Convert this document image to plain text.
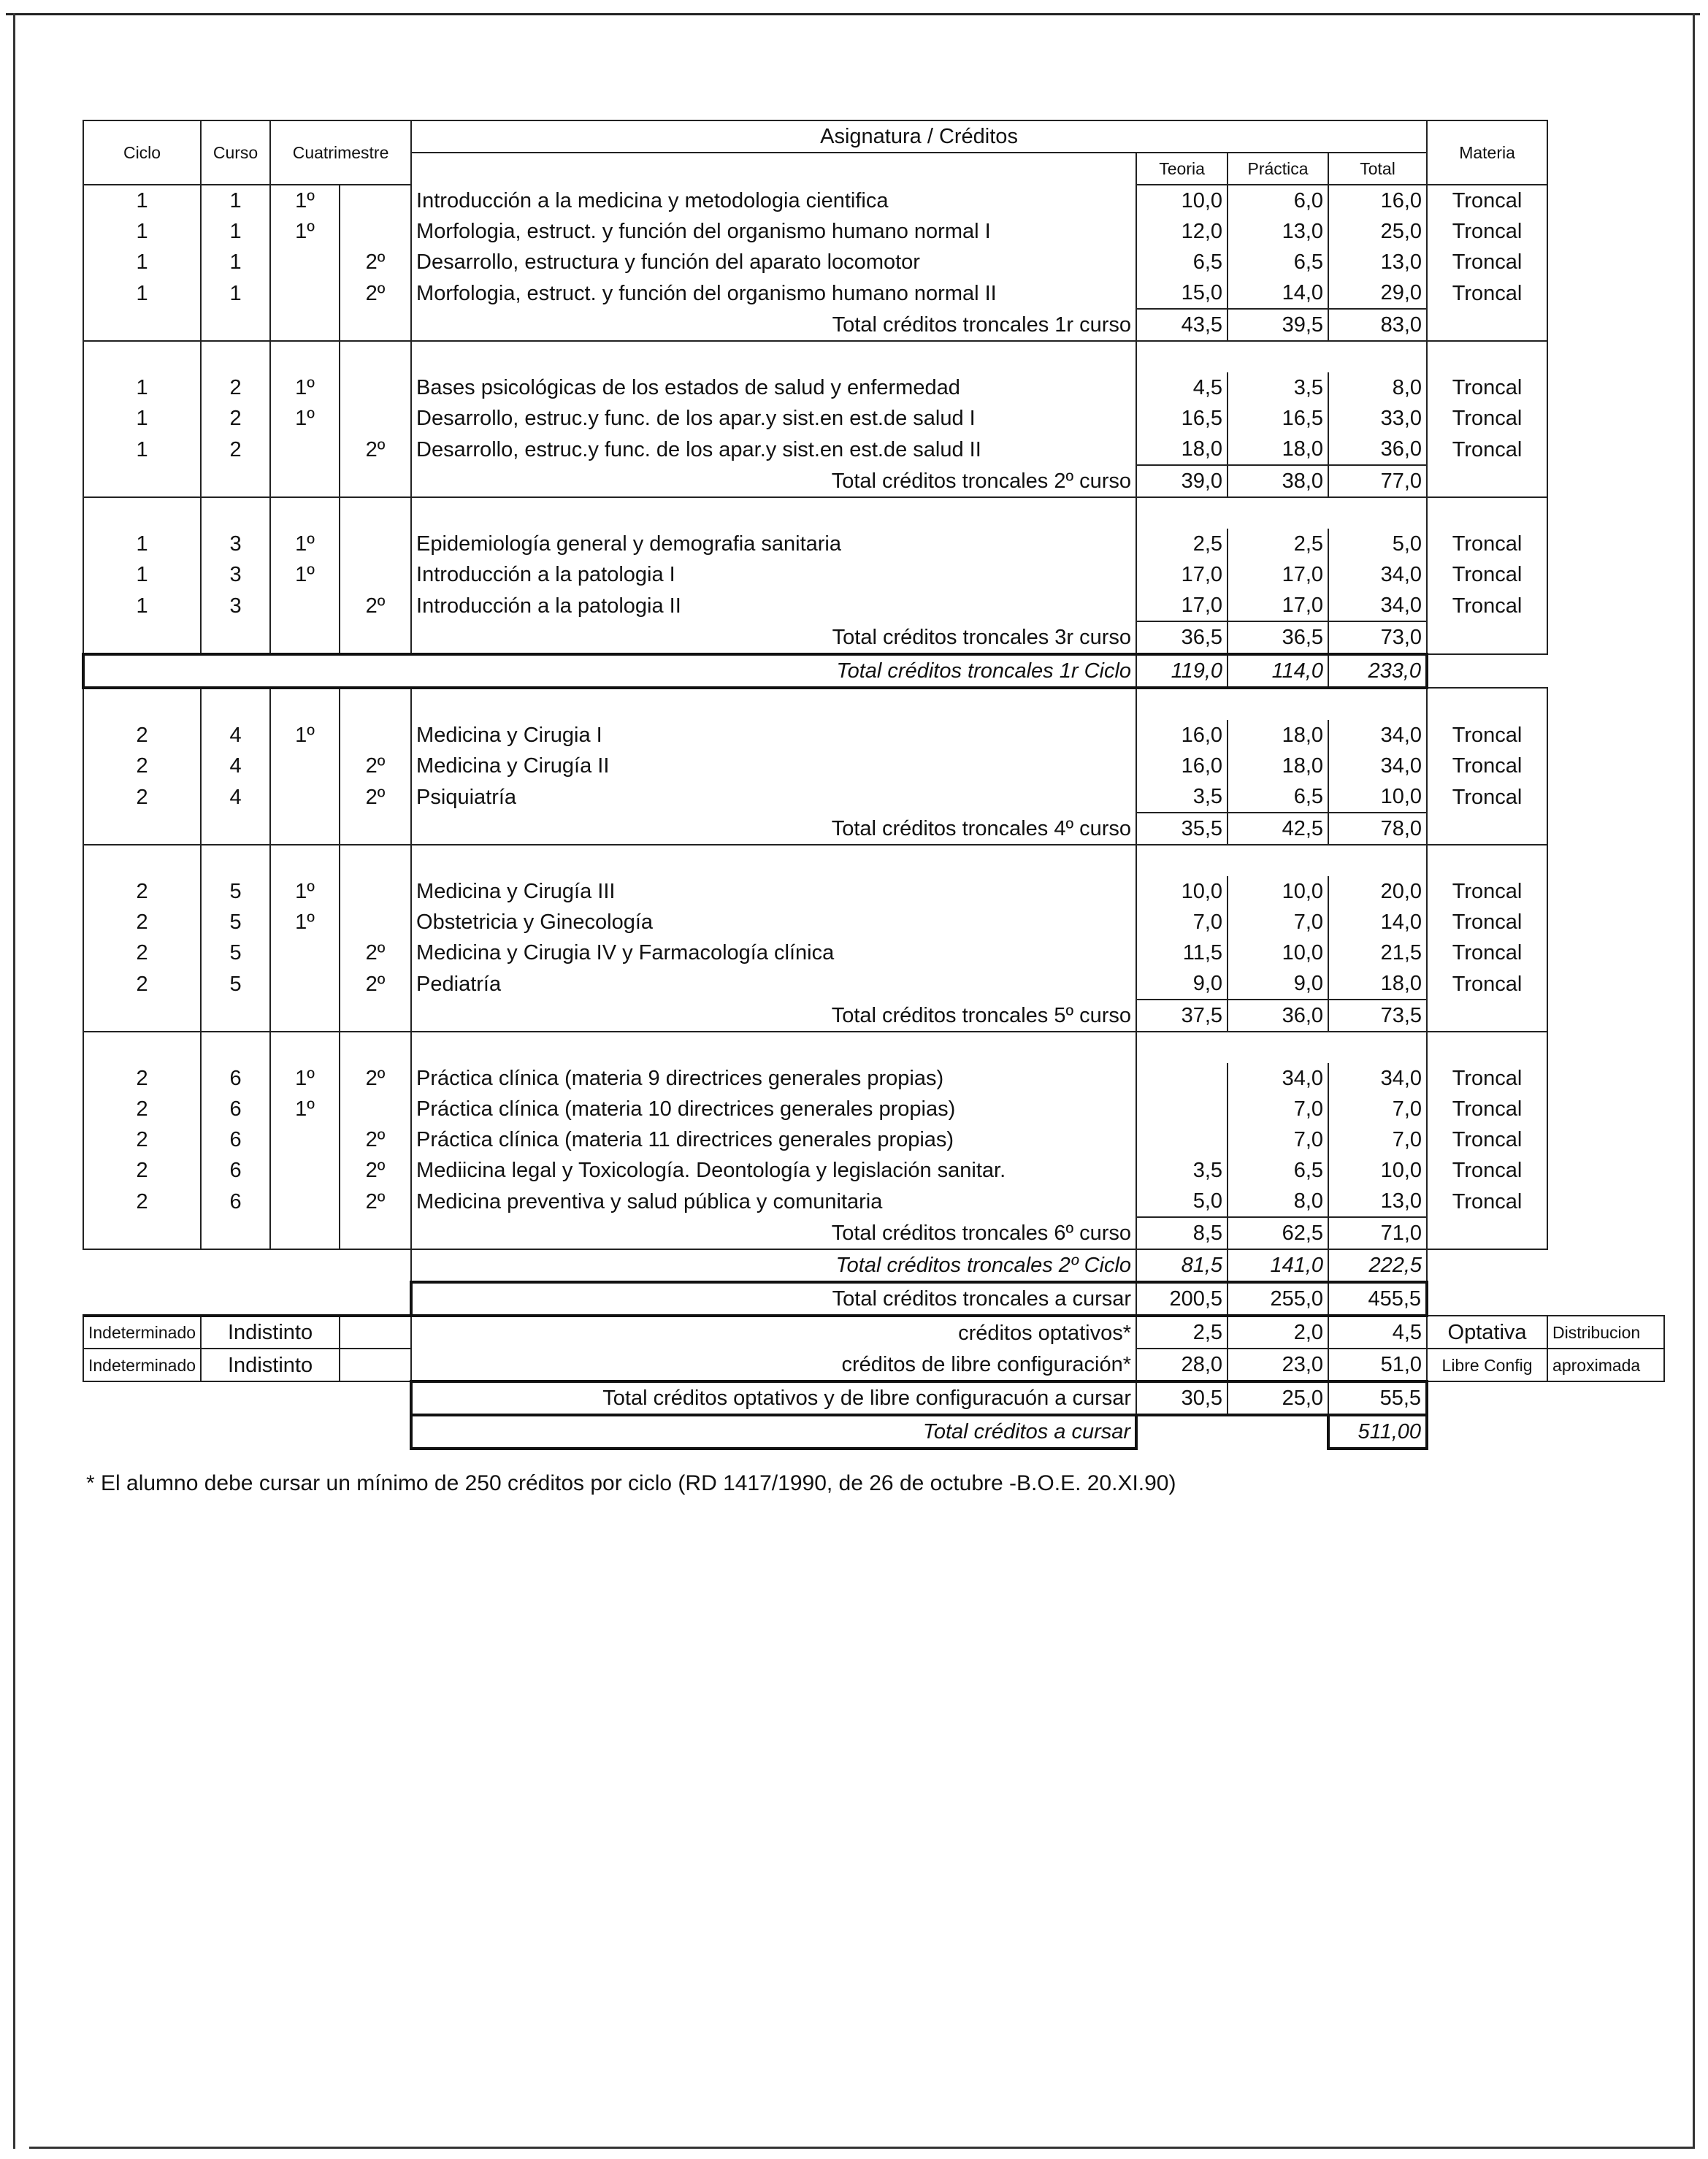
Ciclo	Curso	Cuatrimestre		Asignatura / Créditos				Materia	
					Teoria	Práctica	Total		
1	1	1º		Introducción a la medicina y metodologia cientifica	10,0	6,0	16,0	Troncal	
1	1	1º		Morfologia, estruct. y función del organismo humano normal I	12,0	13,0	25,0	Troncal	
1	1		2º	Desarrollo, estructura y función del aparato locomotor	6,5	6,5	13,0	Troncal	
1	1		2º	Morfologia, estruct. y función del organismo humano normal II	15,0	14,0	29,0	Troncal	
				Total créditos troncales 1r curso	43,5	39,5	83,0		

1	2	1º		Bases psicológicas de los estados de salud y enfermedad	4,5	3,5	8,0	Troncal	
1	2	1º		Desarrollo, estruc.y func. de los apar.y sist.en est.de salud I	16,5	16,5	33,0	Troncal	
1	2		2º	Desarrollo, estruc.y func. de los apar.y sist.en est.de salud II	18,0	18,0	36,0	Troncal	
				Total créditos troncales 2º curso	39,0	38,0	77,0		

1	3	1º		Epidemiología general y demografia sanitaria	2,5	2,5	5,0	Troncal	
1	3	1º		Introducción a la patologia I	17,0	17,0	34,0	Troncal	
1	3		2º	Introducción a la patologia II	17,0	17,0	34,0	Troncal	
				Total créditos troncales 3r curso	36,5	36,5	73,0		
				Total créditos troncales 1r Ciclo	119,0	114,0	233,0		

2	4	1º		Medicina y Cirugia I	16,0	18,0	34,0	Troncal	
2	4		2º	Medicina y Cirugía II	16,0	18,0	34,0	Troncal	
2	4		2º	Psiquiatría	3,5	6,5	10,0	Troncal	
				Total créditos troncales 4º curso	35,5	42,5	78,0		

2	5	1º		Medicina y Cirugía III	10,0	10,0	20,0	Troncal	
2	5	1º		Obstetricia y Ginecología	7,0	7,0	14,0	Troncal	
2	5		2º	Medicina y Cirugia IV y Farmacología clínica	11,5	10,0	21,5	Troncal	
2	5		2º	Pediatría	9,0	9,0	18,0	Troncal	
				Total créditos troncales 5º curso	37,5	36,0	73,5		

2	6	1º	2º	Práctica clínica (materia 9 directrices generales propias)		34,0	34,0	Troncal	
2	6	1º		Práctica clínica (materia 10 directrices generales propias)		7,0	7,0	Troncal	
2	6		2º	Práctica clínica (materia 11 directrices generales propias)		7,0	7,0	Troncal	
2	6		2º	Mediicina legal y Toxicología. Deontología y legislación sanitar.	3,5	6,5	10,0	Troncal	
2	6		2º	Medicina preventiva y salud pública y comunitaria	5,0	8,0	13,0	Troncal	
				Total créditos troncales 6º curso	8,5	62,5	71,0		
				Total créditos troncales 2º Ciclo	81,5	141,0	222,5		
				Total créditos troncales a cursar	200,5	255,0	455,5		
Indeterminado	Indistinto			créditos optativos*	2,5	2,0	4,5	Optativa	Distribucion
Indeterminado	Indistinto			créditos de libre configuración*	28,0	23,0	51,0	Libre Config	aproximada
				Total créditos optativos y de libre configuracuón a cursar	30,5	25,0	55,5		
				Total créditos a cursar			511,00		
* El alumno debe cursar un mínimo de 250 créditos por ciclo (RD 1417/1990, de 26 de octubre -B.O.E. 20.XI.90)
